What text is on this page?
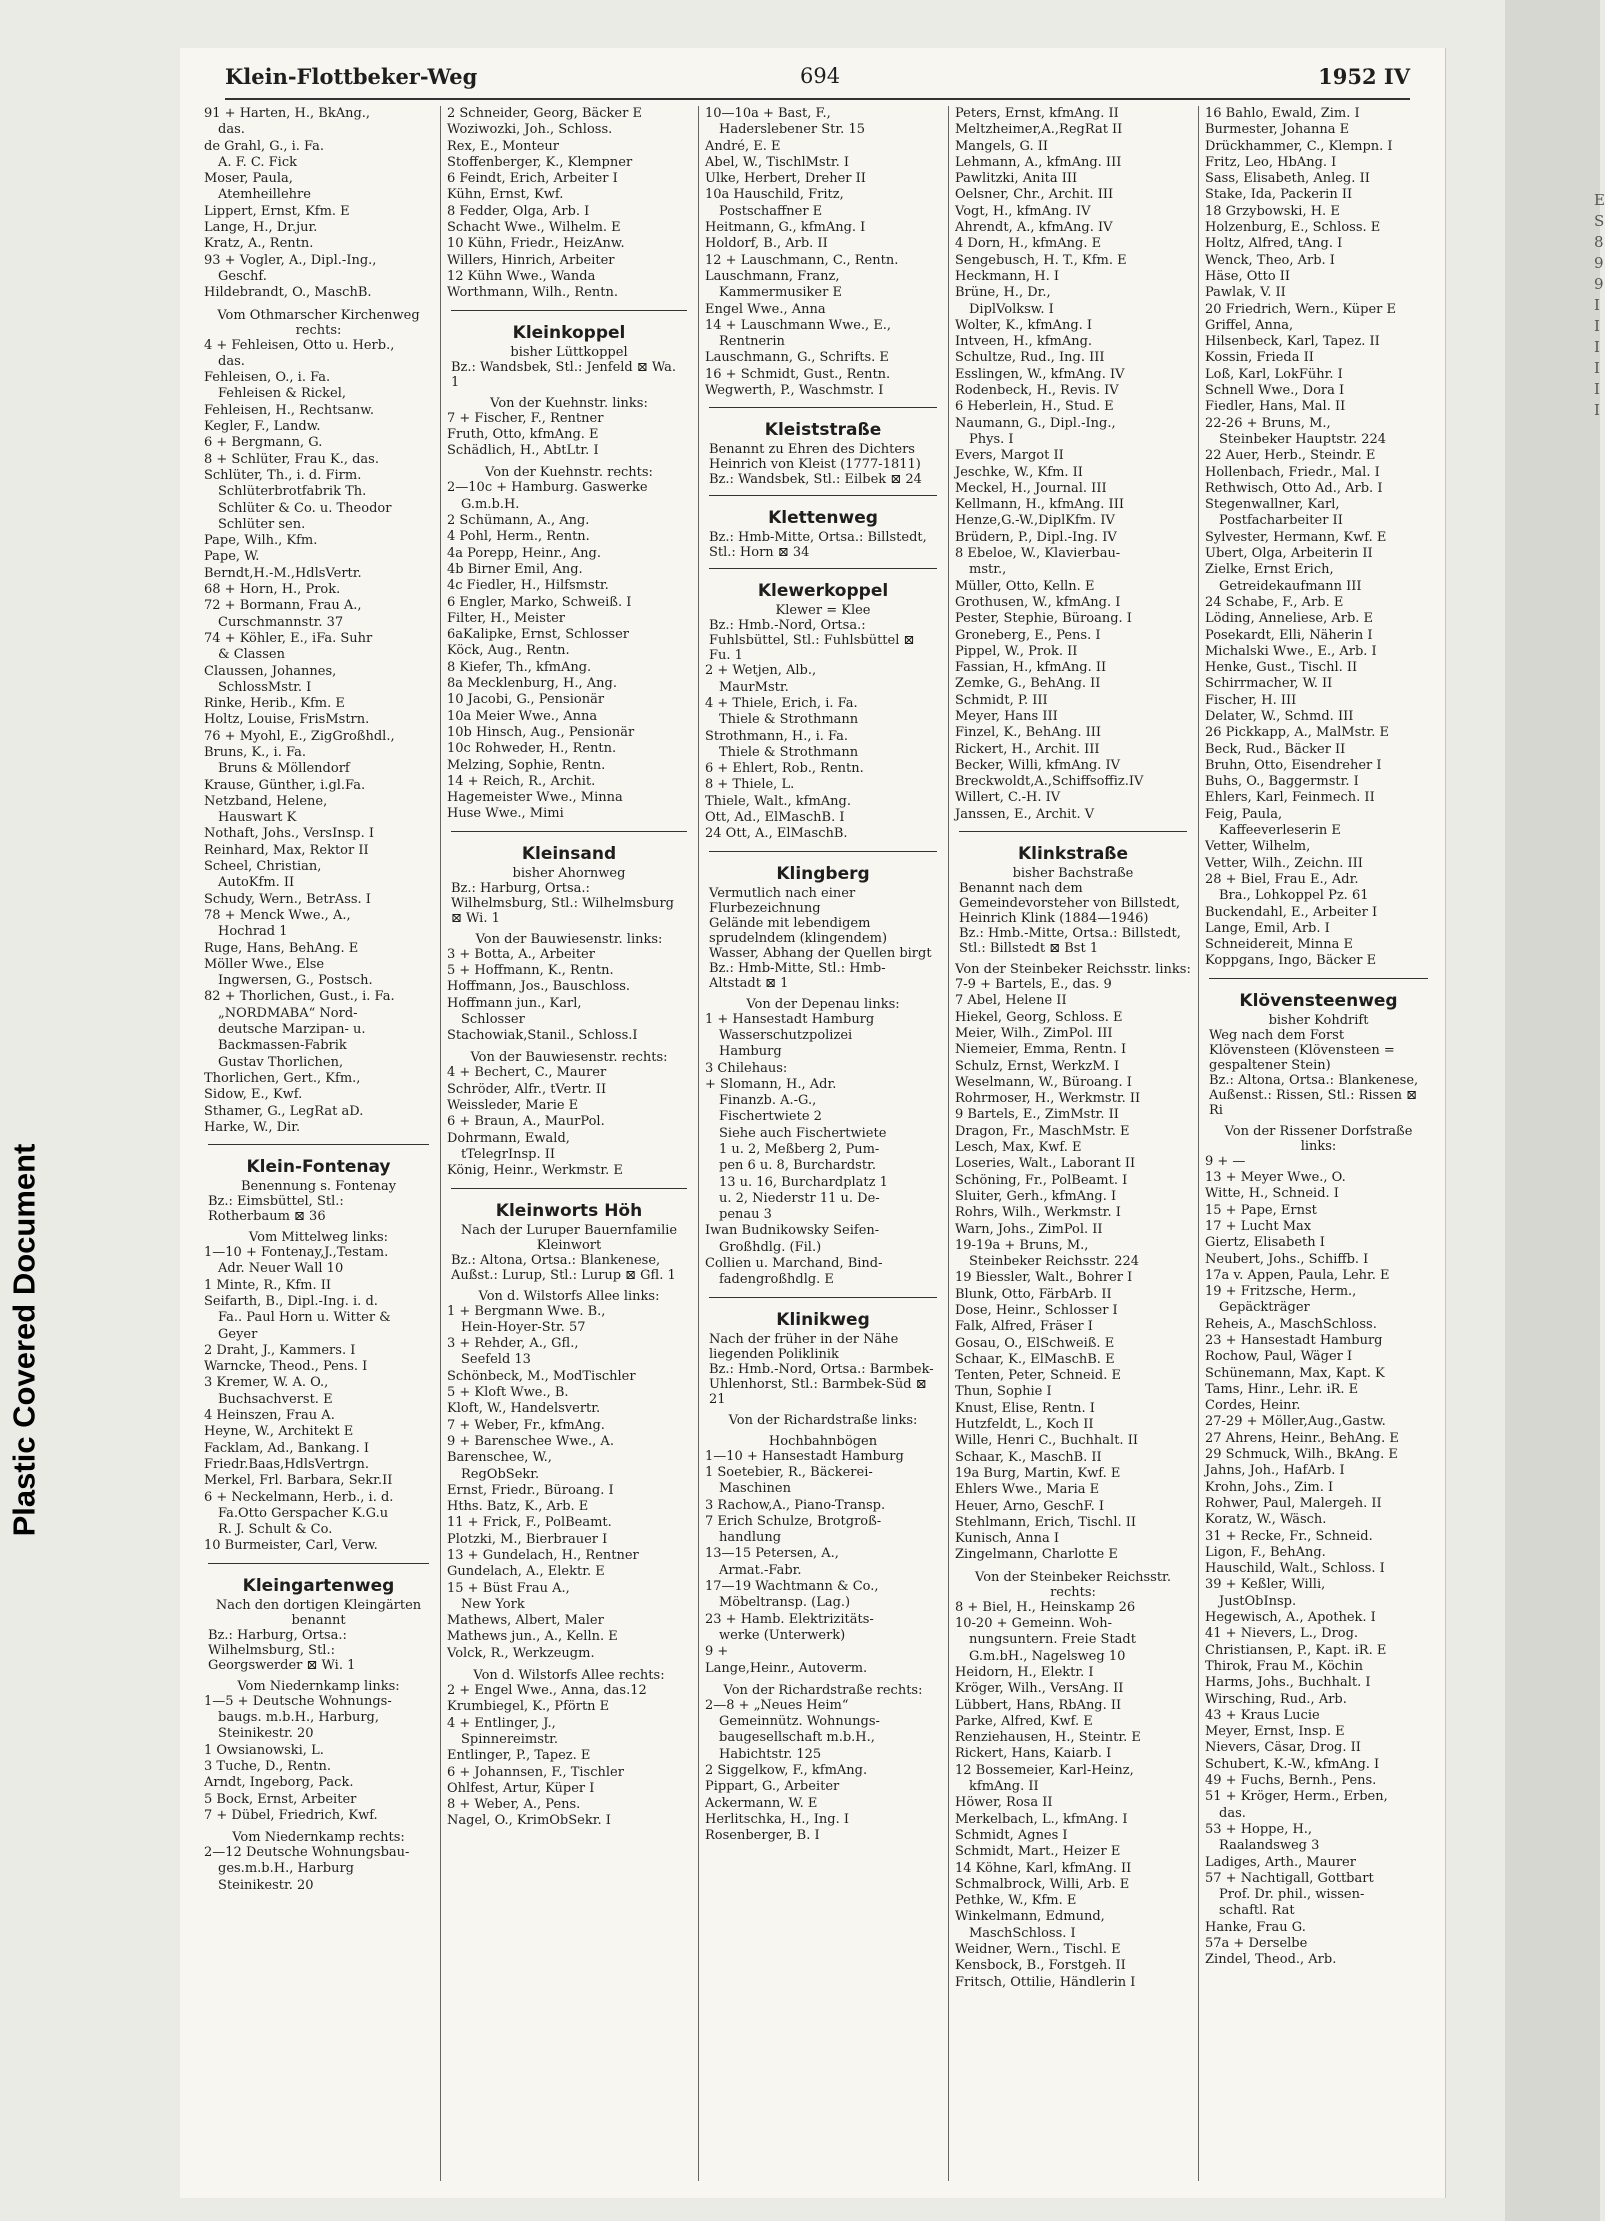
Plastic Covered Document
E
S
8
9
9
I
I
I
I
I
I
Klein-Flottbeker-Weg	694	1952 IV
91 + Harten, H., BkAng.,
das.
de Grahl, G., i. Fa.
A. F. C. Fick
Moser, Paula,
Atemheillehre
Lippert, Ernst, Kfm. E
Lange, H., Dr.jur.
Kratz, A., Rentn.
93 + Vogler, A., Dipl.-Ing.,
Geschf.
Hildebrandt, O., MaschB.
Vom Othmarscher Kirchenweg rechts:
4 + Fehleisen, Otto u. Herb.,
das.
Fehleisen, O., i. Fa.
Fehleisen & Rickel,
Fehleisen, H., Rechtsanw.
Kegler, F., Landw.
6 + Bergmann, G.
8 + Schlüter, Frau K., das.
Schlüter, Th., i. d. Firm.
Schlüterbrotfabrik Th.
Schlüter & Co. u. Theodor
Schlüter sen.
Pape, Wilh., Kfm.
Pape, W.
Berndt,H.-M.,HdlsVertr.
68 + Horn, H., Prok.
72 + Bormann, Frau A.,
Curschmannstr. 37
74 + Köhler, E., iFa. Suhr
& Classen
Claussen, Johannes,
SchlossMstr. I
Rinke, Herib., Kfm. E
Holtz, Louise, FrisMstrn.
76 + Myohl, E., ZigGroßhdl.,
Bruns, K., i. Fa.
Bruns & Möllendorf
Krause, Günther, i.gl.Fa.
Netzband, Helene,
Hauswart K
Nothaft, Johs., VersInsp. I
Reinhard, Max, Rektor II
Scheel, Christian,
AutoKfm. II
Schudy, Wern., BetrAss. I
78 + Menck Wwe., A.,
Hochrad 1
Ruge, Hans, BehAng. E
Möller Wwe., Else
Ingwersen, G., Postsch.
82 + Thorlichen, Gust., i. Fa.
„NORDMABA“ Nord-
deutsche Marzipan- u.
Backmassen-Fabrik
Gustav Thorlichen,
Thorlichen, Gert., Kfm.,
Sidow, E., Kwf.
Sthamer, G., LegRat aD.
Harke, W., Dir.
Klein-Fontenay
Benennung s. Fontenay
Bz.: Eimsbüttel, Stl.: Rotherbaum ⊠ 36
Vom Mittelweg links:
1—10 + Fontenay,J.,Testam.
Adr. Neuer Wall 10
1 Minte, R., Kfm. II
Seifarth, B., Dipl.-Ing. i. d.
Fa.. Paul Horn u. Witter &
Geyer
2 Draht, J., Kammers. I
Warncke, Theod., Pens. I
3 Kremer, W. A. O.,
Buchsachverst. E
4 Heinszen, Frau A.
Heyne, W., Architekt E
Facklam, Ad., Bankang. I
Friedr.Baas,HdlsVertrgn.
Merkel, Frl. Barbara, Sekr.II
6 + Neckelmann, Herb., i. d.
Fa.Otto Gerspacher K.G.u
R. J. Schult & Co.
10 Burmeister, Carl, Verw.
Kleingartenweg
Nach den dortigen Kleingärten benannt
Bz.: Harburg, Ortsa.: Wilhelmsburg, Stl.: Georgswerder ⊠ Wi. 1
Vom Niedernkamp links:
1—5 + Deutsche Wohnungs-
baugs. m.b.H., Harburg,
Steinikestr. 20
1 Owsianowski, L.
3 Tuche, D., Rentn.
Arndt, Ingeborg, Pack.
5 Bock, Ernst, Arbeiter
7 + Dübel, Friedrich, Kwf.
Vom Niedernkamp rechts:
2—12 Deutsche Wohnungsbau-
ges.m.b.H., Harburg
Steinikestr. 20
2 Schneider, Georg, Bäcker E
Woziwozki, Joh., Schloss.
Rex, E., Monteur
Stoffenberger, K., Klempner
6 Feindt, Erich, Arbeiter I
Kühn, Ernst, Kwf.
8 Fedder, Olga, Arb. I
Schacht Wwe., Wilhelm. E
10 Kühn, Friedr., HeizAnw.
Willers, Hinrich, Arbeiter
12 Kühn Wwe., Wanda
Worthmann, Wilh., Rentn.
Kleinkoppel
bisher Lüttkoppel
Bz.: Wandsbek, Stl.: Jenfeld ⊠ Wa. 1
Von der Kuehnstr. links:
7 + Fischer, F., Rentner
Fruth, Otto, kfmAng. E
Schädlich, H., AbtLtr. I
Von der Kuehnstr. rechts:
2—10c + Hamburg. Gaswerke
G.m.b.H.
2 Schümann, A., Ang.
4 Pohl, Herm., Rentn.
4a Porepp, Heinr., Ang.
4b Birner Emil, Ang.
4c Fiedler, H., Hilfsmstr.
6 Engler, Marko, Schweiß. I
Filter, H., Meister
6aKalipke, Ernst, Schlosser
Köck, Aug., Rentn.
8 Kiefer, Th., kfmAng.
8a Mecklenburg, H., Ang.
10 Jacobi, G., Pensionär
10a Meier Wwe., Anna
10b Hinsch, Aug., Pensionär
10c Rohweder, H., Rentn.
Melzing, Sophie, Rentn.
14 + Reich, R., Archit.
Hagemeister Wwe., Minna
Huse Wwe., Mimi
Kleinsand
bisher Ahornweg
Bz.: Harburg, Ortsa.: Wilhelmsburg, Stl.: Wilhelmsburg ⊠ Wi. 1
Von der Bauwiesenstr. links:
3 + Botta, A., Arbeiter
5 + Hoffmann, K., Rentn.
Hoffmann, Jos., Bauschloss.
Hoffmann jun., Karl,
Schlosser
Stachowiak,Stanil., Schloss.I
Von der Bauwiesenstr. rechts:
4 + Bechert, C., Maurer
Schröder, Alfr., tVertr. II
Weissleder, Marie E
6 + Braun, A., MaurPol.
Dohrmann, Ewald,
tTelegrInsp. II
König, Heinr., Werkmstr. E
Kleinworts Höh
Nach der Luruper Bauernfamilie Kleinwort
Bz.: Altona, Ortsa.: Blankenese, Außst.: Lurup, Stl.: Lurup ⊠ Gfl. 1
Von d. Wilstorfs Allee links:
1 + Bergmann Wwe. B.,
Hein-Hoyer-Str. 57
3 + Rehder, A., Gfl.,
Seefeld 13
Schönbeck, M., ModTischler
5 + Kloft Wwe., B.
Kloft, W., Handelsvertr.
7 + Weber, Fr., kfmAng.
9 + Barenschee Wwe., A.
Barenschee, W.,
RegObSekr.
Ernst, Friedr., Büroang. I
Hths. Batz, K., Arb. E
11 + Frick, F., PolBeamt.
Plotzki, M., Bierbrauer I
13 + Gundelach, H., Rentner
Gundelach, A., Elektr. E
15 + Büst Frau A.,
New York
Mathews, Albert, Maler
Mathews jun., A., Kelln. E
Volck, R., Werkzeugm.
Von d. Wilstorfs Allee rechts:
2 + Engel Wwe., Anna, das.12
Krumbiegel, K., Pförtn E
4 + Entlinger, J.,
Spinnereimstr.
Entlinger, P., Tapez. E
6 + Johannsen, F., Tischler
Ohlfest, Artur, Küper I
8 + Weber, A., Pens.
Nagel, O., KrimObSekr. I
10—10a + Bast, F.,
Haderslebener Str. 15
André, E. E
Abel, W., TischlMstr. I
Ulke, Herbert, Dreher II
10a Hauschild, Fritz,
Postschaffner E
Heitmann, G., kfmAng. I
Holdorf, B., Arb. II
12 + Lauschmann, C., Rentn.
Lauschmann, Franz,
Kammermusiker E
Engel Wwe., Anna
14 + Lauschmann Wwe., E.,
Rentnerin
Lauschmann, G., Schrifts. E
16 + Schmidt, Gust., Rentn.
Wegwerth, P., Waschmstr. I
Kleiststraße
Benannt zu Ehren des Dichters Heinrich von Kleist (1777-1811)
Bz.: Wandsbek, Stl.: Eilbek ⊠ 24
Klettenweg
Bz.: Hmb-Mitte, Ortsa.: Billstedt, Stl.: Horn ⊠ 34
Klewerkoppel
Klewer = Klee
Bz.: Hmb.-Nord, Ortsa.: Fuhlsbüttel, Stl.: Fuhlsbüttel ⊠ Fu. 1
2 + Wetjen, Alb.,
MaurMstr.
4 + Thiele, Erich, i. Fa.
Thiele & Strothmann
Strothmann, H., i. Fa.
Thiele & Strothmann
6 + Ehlert, Rob., Rentn.
8 + Thiele, L.
Thiele, Walt., kfmAng.
Ott, Ad., ElMaschB. I
24 Ott, A., ElMaschB.
Klingberg
Vermutlich nach einer Flurbezeichnung
Gelände mit lebendigem sprudelndem (klingendem) Wasser, Abhang der Quellen birgt
Bz.: Hmb-Mitte, Stl.: Hmb-Altstadt ⊠ 1
Von der Depenau links:
1 + Hansestadt Hamburg
Wasserschutzpolizei
Hamburg
3 Chilehaus:
+ Slomann, H., Adr.
Finanzb. A.-G.,
Fischertwiete 2
Siehe auch Fischertwiete
1 u. 2, Meßberg 2, Pum-
pen 6 u. 8, Burchardstr.
13 u. 16, Burchardplatz 1
u. 2, Niederstr 11 u. De-
penau 3
Iwan Budnikowsky Seifen-
Großhdlg. (Fil.)
Collien u. Marchand, Bind-
fadengroßhdlg. E
Klinikweg
Nach der früher in der Nähe liegenden Poliklinik
Bz.: Hmb.-Nord, Ortsa.: Barmbek-Uhlenhorst, Stl.: Barmbek-Süd ⊠ 21
Von der Richardstraße links:
Hochbahnbögen
1—10 + Hansestadt Hamburg
1 Soetebier, R., Bäckerei-
Maschinen
3 Rachow,A., Piano-Transp.
7 Erich Schulze, Brotgroß-
handlung
13—15 Petersen, A.,
Armat.-Fabr.
17—19 Wachtmann & Co.,
Möbeltransp. (Lag.)
23 + Hamb. Elektrizitäts-
werke (Unterwerk)
9 +
Lange,Heinr., Autoverm.
Von der Richardstraße rechts:
2—8 + „Neues Heim“
Gemeinnütz. Wohnungs-
baugesellschaft m.b.H.,
Habichtstr. 125
2 Siggelkow, F., kfmAng.
Pippart, G., Arbeiter
Ackermann, W. E
Herlitschka, H., Ing. I
Rosenberger, B. I
Peters, Ernst, kfmAng. II
Meltzheimer,A.,RegRat II
Mangels, G. II
Lehmann, A., kfmAng. III
Pawlitzki, Anita III
Oelsner, Chr., Archit. III
Vogt, H., kfmAng. IV
Ahrendt, A., kfmAng. IV
4 Dorn, H., kfmAng. E
Sengebusch, H. T., Kfm. E
Heckmann, H. I
Brüne, H., Dr.,
DiplVolksw. I
Wolter, K., kfmAng. I
Intveen, H., kfmAng.
Schultze, Rud., Ing. III
Esslingen, W., kfmAng. IV
Rodenbeck, H., Revis. IV
6 Heberlein, H., Stud. E
Naumann, G., Dipl.-Ing.,
Phys. I
Evers, Margot II
Jeschke, W., Kfm. II
Meckel, H., Journal. III
Kellmann, H., kfmAng. III
Henze,G.-W.,DiplKfm. IV
Brüdern, P., Dipl.-Ing. IV
8 Ebeloe, W., Klavierbau-
mstr.,
Müller, Otto, Kelln. E
Grothusen, W., kfmAng. I
Pester, Stephie, Büroang. I
Groneberg, E., Pens. I
Pippel, W., Prok. II
Fassian, H., kfmAng. II
Zemke, G., BehAng. II
Schmidt, P. III
Meyer, Hans III
Finzel, K., BehAng. III
Rickert, H., Archit. III
Becker, Willi, kfmAng. IV
Breckwoldt,A.,Schiffsoffiz.IV
Willert, C.-H. IV
Janssen, E., Archit. V
Klinkstraße
bisher Bachstraße
Benannt nach dem Gemeindevorsteher von Billstedt, Heinrich Klink (1884—1946)
Bz.: Hmb.-Mitte, Ortsa.: Billstedt, Stl.: Billstedt ⊠ Bst 1
Von der Steinbeker Reichsstr. links:
7-9 + Bartels, E., das. 9
7 Abel, Helene II
Hiekel, Georg, Schloss. E
Meier, Wilh., ZimPol. III
Niemeier, Emma, Rentn. I
Schulz, Ernst, WerkzM. I
Weselmann, W., Büroang. I
Rohrmoser, H., Werkmstr. II
9 Bartels, E., ZimMstr. II
Dragon, Fr., MaschMstr. E
Lesch, Max, Kwf. E
Loseries, Walt., Laborant II
Schöning, Fr., PolBeamt. I
Sluiter, Gerh., kfmAng. I
Rohrs, Wilh., Werkmstr. I
Warn, Johs., ZimPol. II
19-19a + Bruns, M.,
Steinbeker Reichsstr. 224
19 Biessler, Walt., Bohrer I
Blunk, Otto, FärbArb. II
Dose, Heinr., Schlosser I
Falk, Alfred, Fräser I
Gosau, O., ElSchweiß. E
Schaar, K., ElMaschB. E
Tenten, Peter, Schneid. E
Thun, Sophie I
Knust, Elise, Rentn. I
Hutzfeldt, L., Koch II
Wille, Henri C., Buchhalt. II
Schaar, K., MaschB. II
19a Burg, Martin, Kwf. E
Ehlers Wwe., Maria E
Heuer, Arno, GeschF. I
Stehlmann, Erich, Tischl. II
Kunisch, Anna I
Zingelmann, Charlotte E
Von der Steinbeker Reichsstr. rechts:
8 + Biel, H., Heinskamp 26
10-20 + Gemeinn. Woh-
nungsuntern. Freie Stadt
G.m.bH., Nagelsweg 10
Heidorn, H., Elektr. I
Kröger, Wilh., VersAng. II
Lübbert, Hans, RbAng. II
Parke, Alfred, Kwf. E
Renziehausen, H., Steintr. E
Rickert, Hans, Kaiarb. I
12 Bossemeier, Karl-Heinz,
kfmAng. II
Höwer, Rosa II
Merkelbach, L., kfmAng. I
Schmidt, Agnes I
Schmidt, Mart., Heizer E
14 Köhne, Karl, kfmAng. II
Schmalbrock, Willi, Arb. E
Pethke, W., Kfm. E
Winkelmann, Edmund,
MaschSchloss. I
Weidner, Wern., Tischl. E
Kensbock, B., Forstgeh. II
Fritsch, Ottilie, Händlerin I
16 Bahlo, Ewald, Zim. I
Burmester, Johanna E
Drückhammer, C., Klempn. I
Fritz, Leo, HbAng. I
Sass, Elisabeth, Anleg. II
Stake, Ida, Packerin II
18 Grzybowski, H. E
Holzenburg, E., Schloss. E
Holtz, Alfred, tAng. I
Wenck, Theo, Arb. I
Häse, Otto II
Pawlak, V. II
20 Friedrich, Wern., Küper E
Griffel, Anna,
Hilsenbeck, Karl, Tapez. II
Kossin, Frieda II
Loß, Karl, LokFühr. I
Schnell Wwe., Dora I
Fiedler, Hans, Mal. II
22-26 + Bruns, M.,
Steinbeker Hauptstr. 224
22 Auer, Herb., Steindr. E
Hollenbach, Friedr., Mal. I
Rethwisch, Otto Ad., Arb. I
Stegenwallner, Karl,
Postfacharbeiter II
Sylvester, Hermann, Kwf. E
Ubert, Olga, Arbeiterin II
Zielke, Ernst Erich,
Getreidekaufmann III
24 Schabe, F., Arb. E
Löding, Anneliese, Arb. E
Posekardt, Elli, Näherin I
Michalski Wwe., E., Arb. I
Henke, Gust., Tischl. II
Schirrmacher, W. II
Fischer, H. III
Delater, W., Schmd. III
26 Pickkapp, A., MalMstr. E
Beck, Rud., Bäcker II
Bruhn, Otto, Eisendreher I
Buhs, O., Baggermstr. I
Ehlers, Karl, Feinmech. II
Feig, Paula,
Kaffeeverleserin E
Vetter, Wilhelm,
Vetter, Wilh., Zeichn. III
28 + Biel, Frau E., Adr.
Bra., Lohkoppel Pz. 61
Buckendahl, E., Arbeiter I
Lange, Emil, Arb. I
Schneidereit, Minna E
Koppgans, Ingo, Bäcker E
Klövensteenweg
bisher Kohdrift
Weg nach dem Forst Klövensteen (Klövensteen = gespaltener Stein)
Bz.: Altona, Ortsa.: Blankenese, Außenst.: Rissen, Stl.: Rissen ⊠ Ri
Von der Rissener Dorfstraße links:
9 + —
13 + Meyer Wwe., O.
Witte, H., Schneid. I
15 + Pape, Ernst
17 + Lucht Max
Giertz, Elisabeth I
Neubert, Johs., Schiffb. I
17a v. Appen, Paula, Lehr. E
19 + Fritzsche, Herm.,
Gepäckträger
Reheis, A., MaschSchloss.
23 + Hansestadt Hamburg
Rochow, Paul, Wäger I
Schünemann, Max, Kapt. K
Tams, Hinr., Lehr. iR. E
Cordes, Heinr.
27-29 + Möller,Aug.,Gastw.
27 Ahrens, Heinr., BehAng. E
29 Schmuck, Wilh., BkAng. E
Jahns, Joh., HafArb. I
Krohn, Johs., Zim. I
Rohwer, Paul, Malergeh. II
Koratz, W., Wäsch.
31 + Recke, Fr., Schneid.
Ligon, F., BehAng.
Hauschild, Walt., Schloss. I
39 + Keßler, Willi,
JustObInsp.
Hegewisch, A., Apothek. I
41 + Nievers, L., Drog.
Christiansen, P., Kapt. iR. E
Thirok, Frau M., Köchin
Harms, Johs., Buchhalt. I
Wirsching, Rud., Arb.
43 + Kraus Lucie
Meyer, Ernst, Insp. E
Nievers, Cäsar, Drog. II
Schubert, K.-W., kfmAng. I
49 + Fuchs, Bernh., Pens.
51 + Kröger, Herm., Erben,
das.
53 + Hoppe, H.,
Raalandsweg 3
Ladiges, Arth., Maurer
57 + Nachtigall, Gottbart
Prof. Dr. phil., wissen-
schaftl. Rat
Hanke, Frau G.
57a + Derselbe
Zindel, Theod., Arb.
